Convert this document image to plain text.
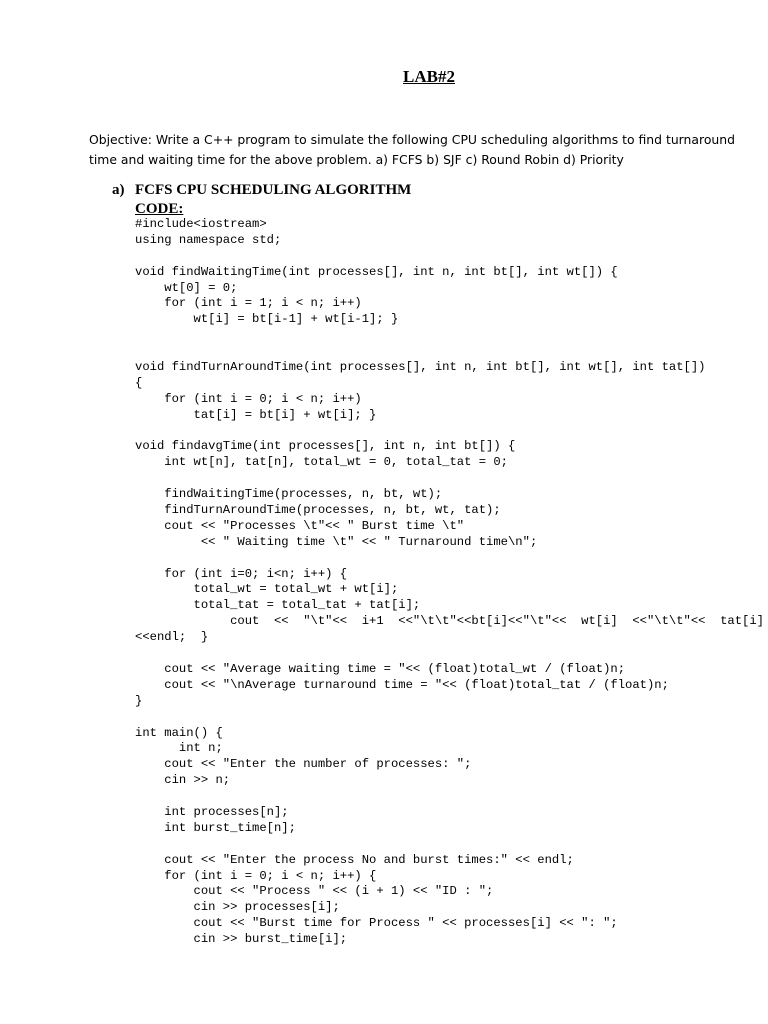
LAB#2

Objective: Write a C++ program to simulate the following CPU scheduling algorithms to find turnaround time and waiting time for the above problem. a) FCFS b) SJF c) Round Robin d) Priority

a) FCFS CPU SCHEDULING ALGORITHM
CODE:
#include<iostream>
using namespace std;
void findWaitingTime(int processes[], int n, int bt[], int wt[]) {
wt[0] = 0;
for (int i = 1; i < n; i++)
wt[i] = bt[i-1] + wt[i-1]; }
void findTurnAroundTime(int processes[], int n, int bt[], int wt[], int tat[])
{
for (int i = 0; i < n; i++)
tat[i] = bt[i] + wt[i]; }
void findavgTime(int processes[], int n, int bt[]) {
int wt[n], tat[n], total_wt = 0, total_tat = 0;
findWaitingTime(processes, n, bt, wt);
findTurnAroundTime(processes, n, bt, wt, tat);
cout << "Processes \t"<< " Burst time \t"
<< " Waiting time \t" << " Turnaround time\n";
for (int i=0; i<n; i++) {
total_wt = total_wt + wt[i];
total_tat = total_tat + tat[i];
cout  <<  "\t"<<  i+1  <<"\t\t"<<bt[i]<<"\t"<<  wt[i]  <<"\t\t"<<  tat[i]
<<endl;  }
cout << "Average waiting time = "<< (float)total_wt / (float)n;
cout << "\nAverage turnaround time = "<< (float)total_tat / (float)n;
}
int main() {
int n;
cout << "Enter the number of processes: ";
cin >> n;
int processes[n];
int burst_time[n];
cout << "Enter the process No and burst times:" << endl;
for (int i = 0; i < n; i++) {
cout << "Process " << (i + 1) << "ID : ";
cin >> processes[i];
cout << "Burst time for Process " << processes[i] << ": ";
cin >> burst_time[i];
